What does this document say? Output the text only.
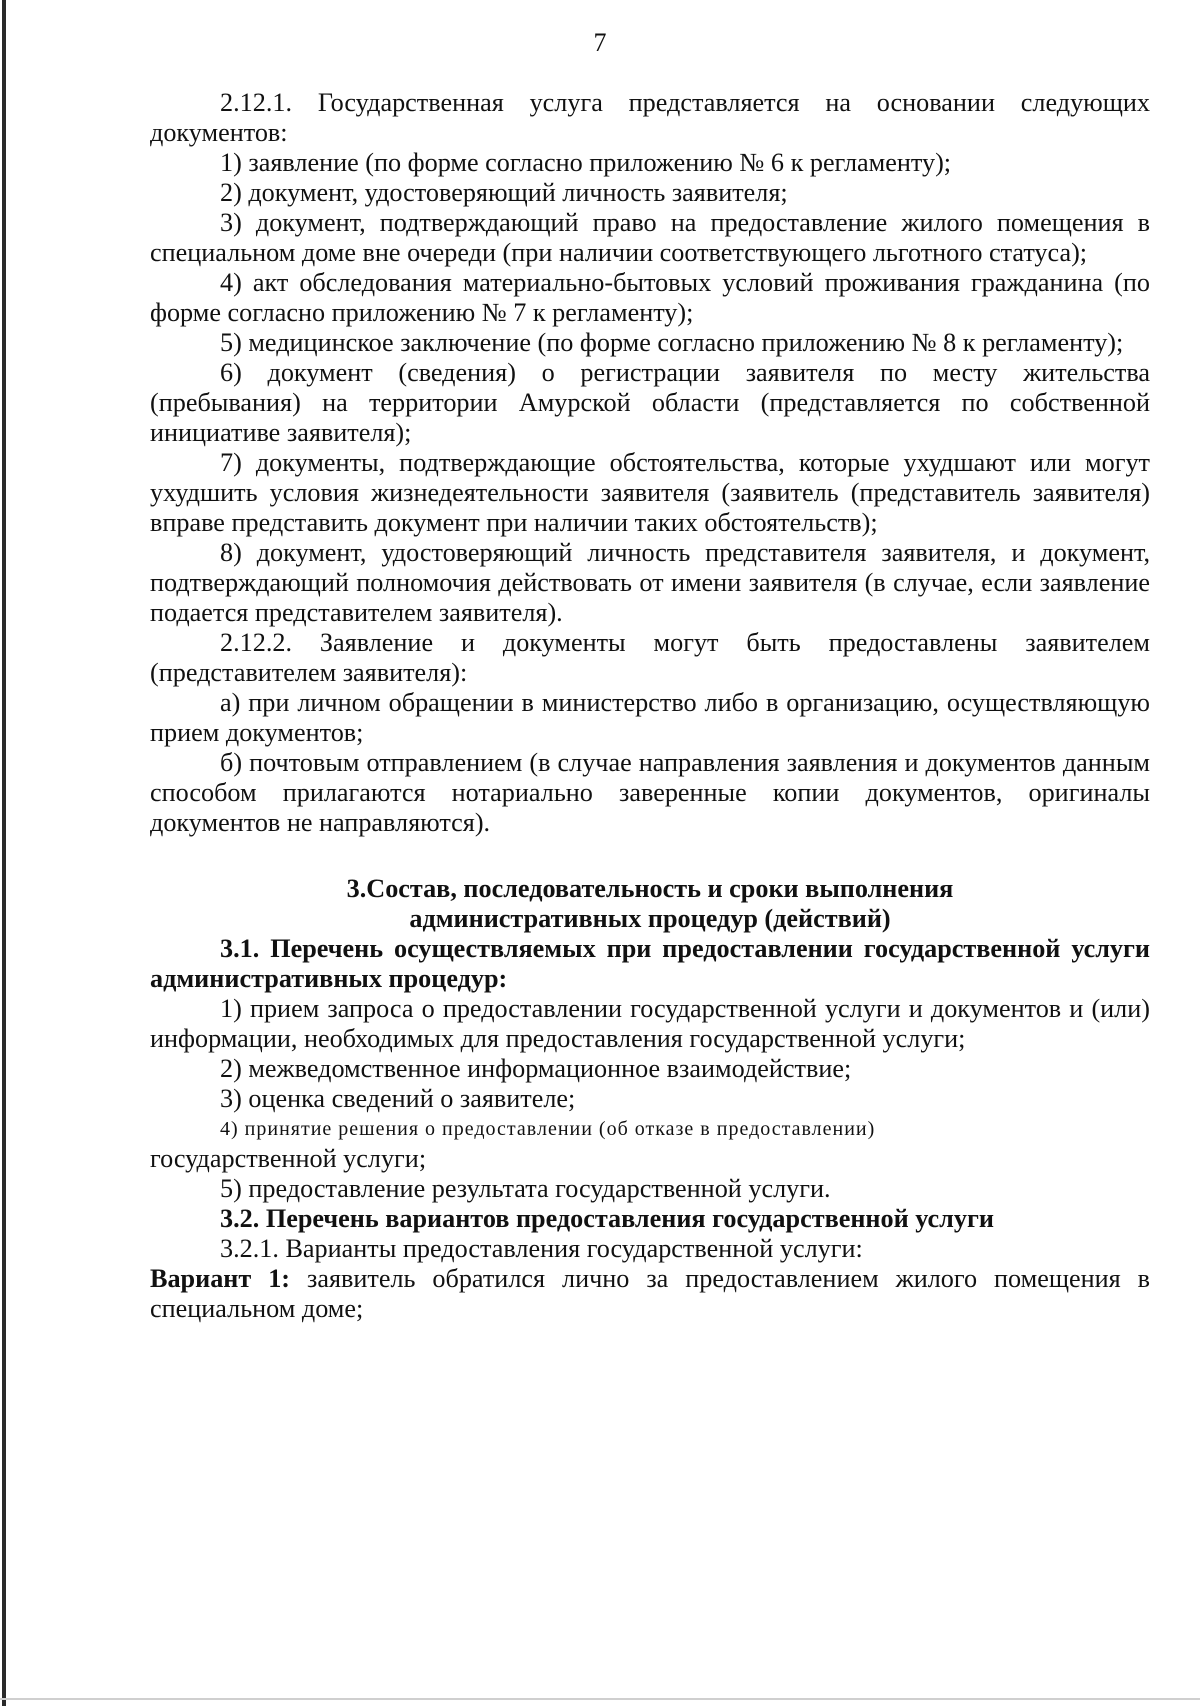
7

2.12.1. Государственная услуга представляется на основании следующих документов:

1) заявление (по форме согласно приложению № 6 к регламенту);

2) документ, удостоверяющий личность заявителя;

3) документ, подтверждающий право на предоставление жилого помещения в специальном доме вне очереди (при наличии соответствующего льготного статуса);

4) акт обследования материально-бытовых условий проживания гражданина (по форме согласно приложению № 7 к регламенту);

5) медицинское заключение (по форме согласно приложению № 8 к регламенту);

6) документ (сведения) о регистрации заявителя по месту жительства (пребывания) на территории Амурской области (представляется по собственной инициативе заявителя);

7) документы, подтверждающие обстоятельства, которые ухудшают или могут ухудшить условия жизнедеятельности заявителя (заявитель (представитель заявителя) вправе представить документ при наличии таких обстоятельств);

8) документ, удостоверяющий личность представителя заявителя, и документ, подтверждающий полномочия действовать от имени заявителя (в случае, если заявление подается представителем заявителя).

2.12.2. Заявление и документы могут быть предоставлены заявителем (представителем заявителя):

а) при личном обращении в министерство либо в организацию, осуществляющую прием документов;

б) почтовым отправлением (в случае направления заявления и документов данным способом прилагаются нотариально заверенные копии документов, оригиналы документов не направляются).

3.Состав, последовательность и сроки выполнения

административных процедур (действий)

3.1. Перечень осуществляемых при предоставлении государственной услуги административных процедур:

1) прием запроса о предоставлении государственной услуги и документов и (или) информации, необходимых для предоставления государственной услуги;

2) межведомственное информационное взаимодействие;

3) оценка сведений о заявителе;

4) принятие решения о предоставлении (об отказе в предоставлении)

государственной услуги;

5) предоставление результата государственной услуги.

3.2. Перечень вариантов предоставления государственной услуги

3.2.1. Варианты предоставления государственной услуги:

Вариант 1: заявитель обратился лично за предоставлением жилого помещения в специальном доме;
